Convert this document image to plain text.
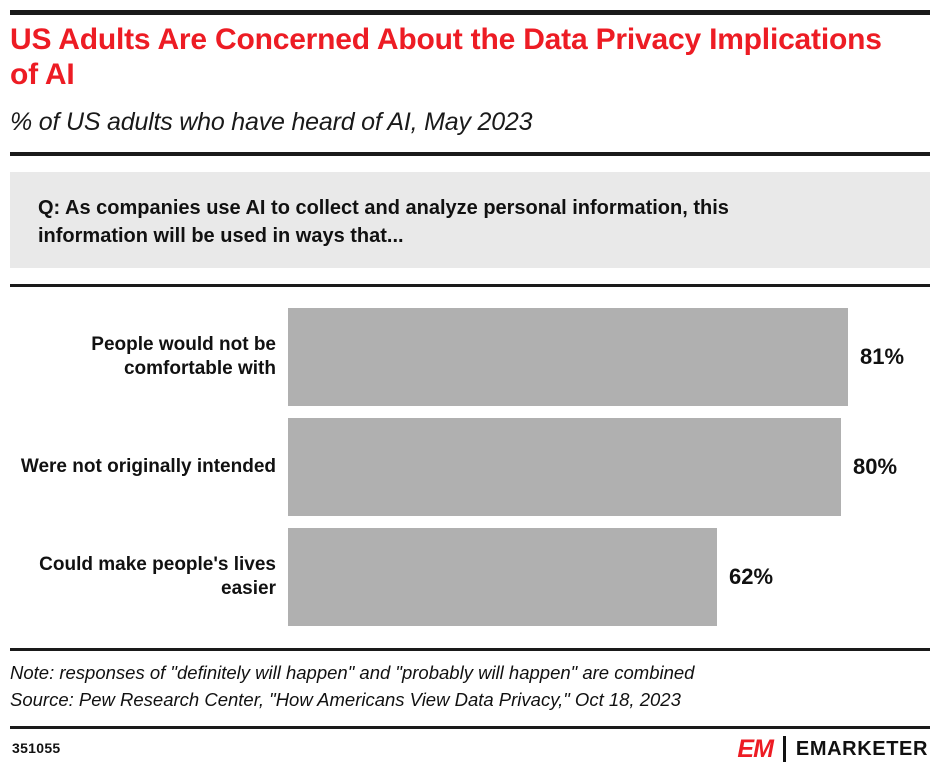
US Adults Are Concerned About the Data Privacy Implications of AI
% of US adults who have heard of AI, May 2023
Q: As companies use AI to collect and analyze personal information, this information will be used in ways that...
People would not be comfortable with	81%
Were not originally intended	80%
Could make people's lives easier	62%
Note: responses of "definitely will happen" and "probably will happen" are combined
Source: Pew Research Center, "How Americans View Data Privacy," Oct 18, 2023
351055	EM EMARKETER
